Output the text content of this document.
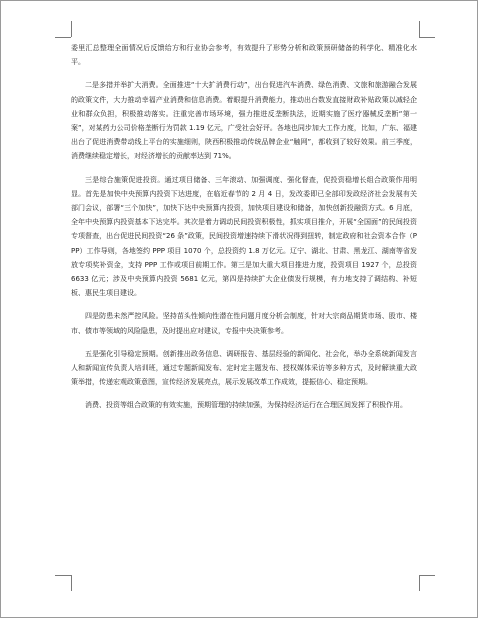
委里汇总整理全面情况后反馈给方和行业协会参考，有效提升了形势分析和政策预研储备的科学化、精准化水平。

二是多措并举扩大消费。全面推进“十大扩消费行动”，出台促进汽车消费、绿色消费、文旅和旅游融合发展的政策文件，大力推动幸福产业消费和信息消费。着眼提升消费能力，推动出台数发直接财政补贴政策以减轻企业和群众负担，积极推动落实。注重完善市场环境，强力推进反垄断执法，近期实施了医疗器械反垄断“第一案”，对某药力公司价格垄断行为罚款 1.19 亿元，广受社会好评。各地也同步加大工作力度，比如，广东、福建出台了促进消费带动线上平台的实施细则，陕西积极推动传统品牌企业“触网”，都收到了较好效果。前三季度，消费继续稳定增长，对经济增长的贡献率达到 71%。

三是综合施策促进投资。通过项目储备、三年滚动、加强调度、强化督查，促投资稳增长组合政策作用明显。首先是加快中央预算内投资下达进度，在临近春节的 2 月 4 日，发改委即已全部印发政经济社会发展有关部门会议，部署“三个加快”，加快下达中央预算内投资，加快项目建设和储备，加快创新投融资方式。6 月底，全年中央预算内投资基本下达完毕。其次是着力调动民间投资积极性，抓实项目推介，开展“全国面”的民间投资专项督查，出台促进民间投资“26 条”政策，民间投资增速持续下滑状况得到扭转，制定政府和社会资本合作（PPP）工作导则，各地签约 PPP 项目 1070 个，总投资约 1.8 万亿元。辽宁、湖北、甘肃、黑龙江、湖南等省发放专项奖补资金，支持 PPP 工作或项目前期工作。第三是加大重大项目推进力度，投资项目 1927 个，总投资 6633 亿元；涉及中央预算内投资 5681 亿元，第四是持续扩大企业债发行规模，有力地支持了调结构、补短板、惠民生项目建设。

四是防患未然严控风险。坚持苗头性倾向性潜在性问题月度分析会制度，针对大宗商品期货市场、股市、楼市、债市等领域的风险隐患，及时提出应对建议，专报中央决策参考。

五是强化引导稳定预期。创新推出政务信息、调研报告、基层经验的新闻化、社会化，举办全系统新闻发言人和新闻宣传负责人培训班，通过专题新闻发布、定时定主题发布、授权媒体采访等多种方式，及时解读重大政策举措，传递宏观政策意图，宣传经济发展亮点，展示发展改革工作成效，提振信心、稳定预期。

消费、投资等组合政策的有效实施，预期管理的持续加强，为保持经济运行在合理区间发挥了积极作用。
